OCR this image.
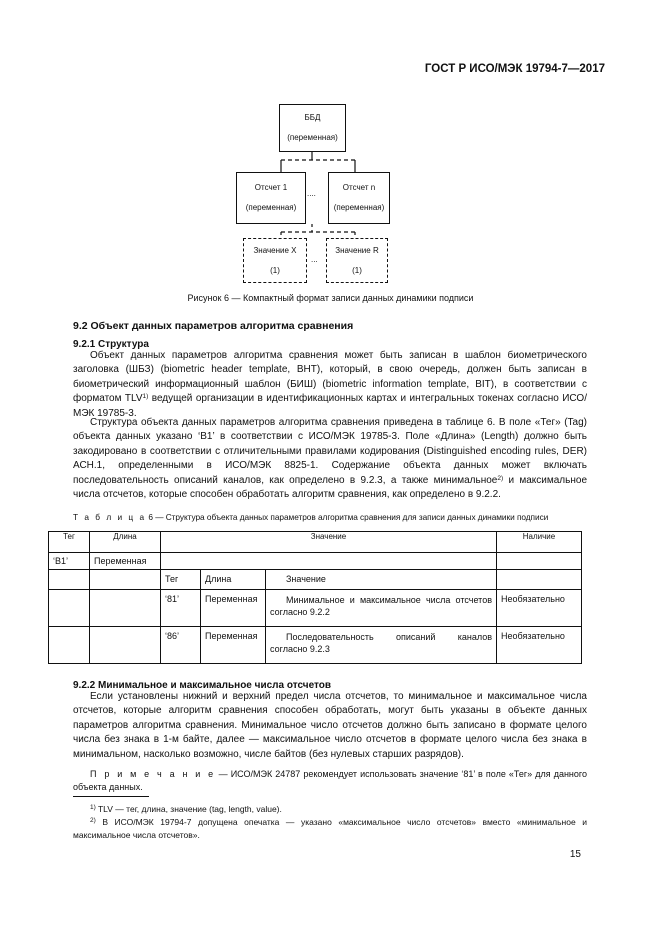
ГОСТ Р ИСО/МЭК 19794-7—2017
ББД
(переменная)
Отсчет 1
(переменная)
....
Отсчет n
(переменная)
Значение X
(1)
...
Значение R
(1)
Рисунок 6 — Компактный формат записи данных динамики подписи
9.2 Объект данных параметров алгоритма сравнения
9.2.1 Структура
Объект данных параметров алгоритма сравнения может быть записан в шаблон биометрического заголовка (ШБЗ) (biometric header template, BHT), который, в свою очередь, должен быть записан в биометрический информационный шаблон (БИШ) (biometric information template, BIT), в соответствии с форматом TLV$^{1)}$ ведущей организации в идентификационных картах и интегральных токенах согласно ИСО/МЭК 19785-3.
Структура объекта данных параметров алгоритма сравнения приведена в таблице 6. В поле «Тег» (Tag) объекта данных указано ‘B1’ в соответствии с ИСО/МЭК 19785-3. Поле «Длина» (Length) должно быть закодировано в соответствии с отличительными правилами кодирования (Distinguished encoding rules, DER) АСН.1, определенными в ИСО/МЭК 8825-1. Содержание объекта данных может включать последовательность описаний каналов, как определено в 9.2.3, а также минимальное$^{2)}$ и максимальное числа отсчетов, которые способен обработать алгоритм сравнения, как определено в 9.2.2.
Т а б л и ц а 6 — Структура объекта данных параметров алгоритма сравнения для записи данных динамики подписи
Тег	Длина	Значение			Наличие
‘B1’	Переменная				
		Тег	Длина	Значение	
		‘81’	Переменная	Минимальное и максимальное числа отсчетов согласно 9.2.2	Необязательно
		‘86’	Переменная	Последовательность описаний каналов согласно 9.2.3	Необязательно
9.2.2 Минимальное и максимальное числа отсчетов
Если установлены нижний и верхний предел числа отсчетов, то минимальное и максимальное числа отсчетов, которые алгоритм сравнения способен обработать, могут быть указаны в объекте данных параметров алгоритма сравнения. Минимальное число отсчетов должно быть записано в формате целого числа без знака в 1-м байте, далее — максимальное число отсчетов в формате целого числа без знака в минимальном, насколько возможно, числе байтов (без нулевых старших разрядов).
П р и м е ч а н и е — ИСО/МЭК 24787 рекомендует использовать значение ‘81’ в поле «Тег» для данного объекта данных.
$^{1)}$ TLV — тег, длина, значение (tag, length, value).
$^{2)}$ В ИСО/МЭК 19794-7 допущена опечатка — указано «максимальное число отсчетов» вместо «минимальное и максимальное числа отсчетов».
15
